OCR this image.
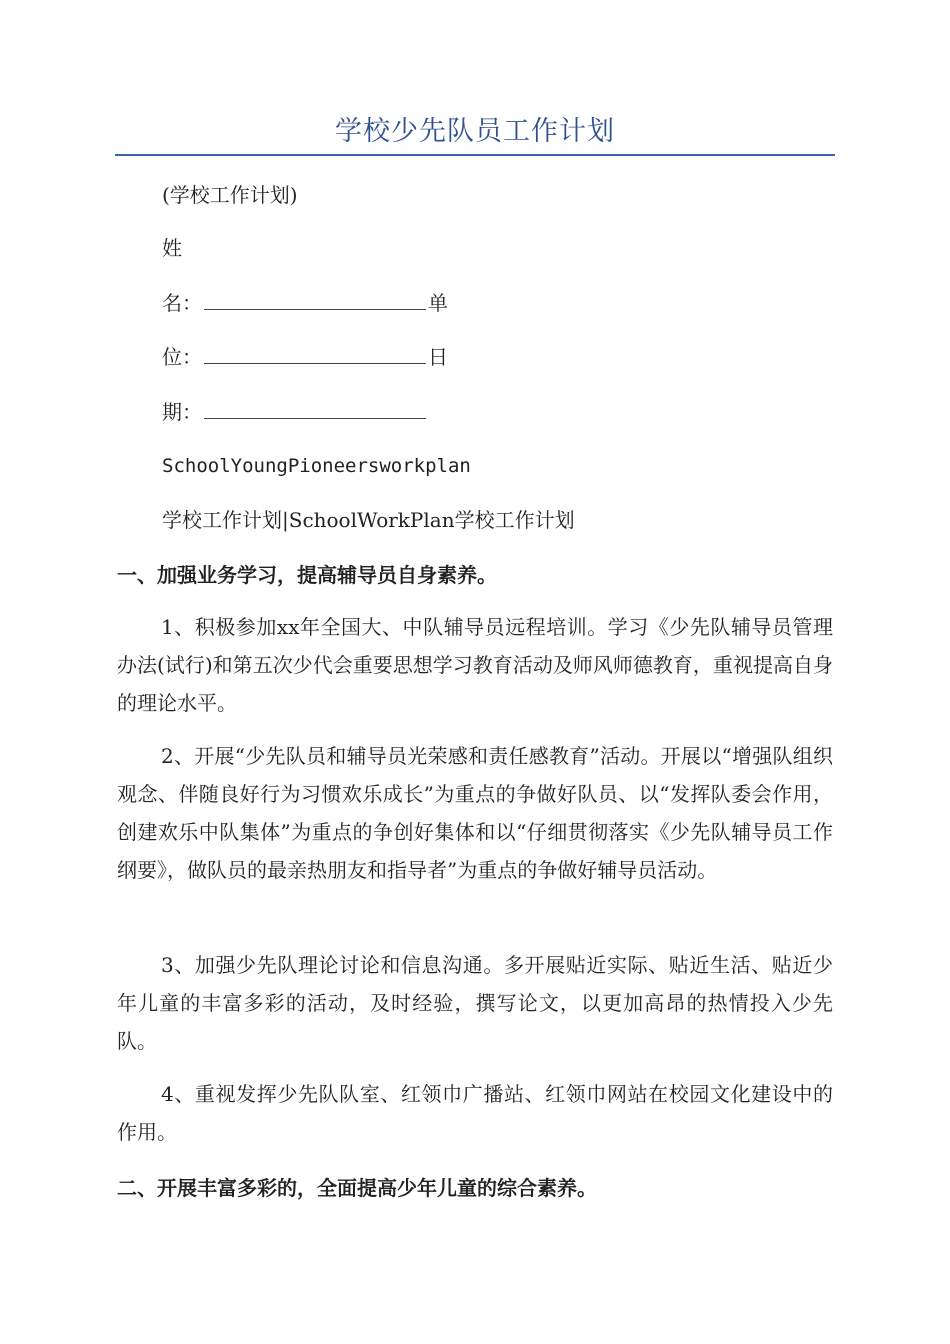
学校少先队员工作计划
(学校工作计划)
姓
名：	单
位：	日
期：
SchoolYoungPioneersworkplan
学校工作计划|SchoolWorkPlan学校工作计划
一、加强业务学习，提高辅导员自身素养。
1、积极参加xx年全国大、中队辅导员远程培训。学习《少先队辅导员管理办法(试行)和第五次少代会重要思想学习教育活动及师风师德教育，重视提高自身的理论水平。
2、开展“少先队员和辅导员光荣感和责任感教育”活动。开展以“增强队组织观念、伴随良好行为习惯欢乐成长”为重点的争做好队员、以“发挥队委会作用，创建欢乐中队集体”为重点的争创好集体和以“仔细贯彻落实《少先队辅导员工作纲要》，做队员的最亲热朋友和指导者”为重点的争做好辅导员活动。
3、加强少先队理论讨论和信息沟通。多开展贴近实际、贴近生活、贴近少年儿童的丰富多彩的活动，及时经验，撰写论文，以更加高昂的热情投入少先队。
4、重视发挥少先队队室、红领巾广播站、红领巾网站在校园文化建设中的作用。
二、开展丰富多彩的，全面提高少年儿童的综合素养。
